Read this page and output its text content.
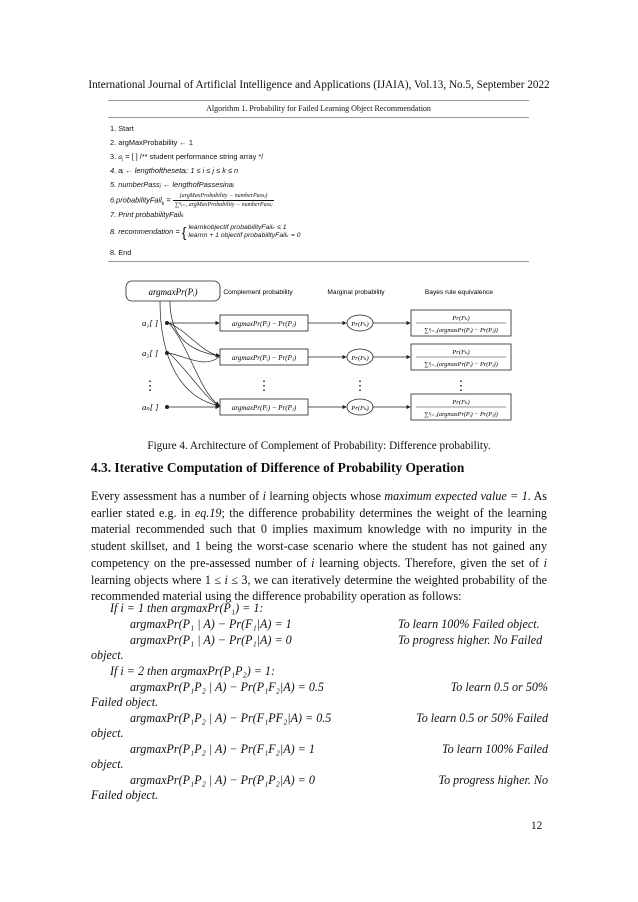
International Journal of Artificial Intelligence and Applications (IJAIA), Vol.13, No.5, September 2022
Algorithm 1. Probability for Failed Learning Object Recommendation
1. Start
2. argMaxProbability ← 1
3. $a_i$ = [ ] /** student performance string array */
4. aᵢ ← lengthofthesetaᵢ: 1 ≤ i ≤ j ≤ k ≤ n
5. numberPassⱼ ← lengthofPassesinaᵢ
6.probabilityFail$_k$ = $\frac{\text{(argMaxProbability − numberPassⱼ)}}{\text{∑ⁿⱼ₌₁ argMaxProbability − numberPassⱼ}}$
7. Print probabilityFailₖ
8. recommendation = { learnkobjectif probabilityFailₖ ≤ 1
learnn + 1 objectif probabilityFailₖ = 0
8. End
argmaxPr(Pᵢ)	Complement probability	Marginal probability	Bayes rule equivalence
a₁[ ]	argmaxPr(Pᵢ) − Pr(Pⱼ)	Pr(Fₖ)
Pr(Fₖ)
∑ⁿᵢ₌₁(argmaxPr(Pᵢ) − Pr(Pⱼ))
a₂[ ]	argmaxPr(Pᵢ) − Pr(Pⱼ)	Pr(Fₖ)
Pr(Fₖ)
∑ⁿᵢ₌₁(argmaxPr(Pᵢ) − Pr(Pⱼ))
⋮	⋮	⋮	⋮
aₙ[ ]	argmaxPr(Pᵢ) − Pr(Pⱼ)	Pr(Fₖ)
Pr(Fₖ)
∑ⁿᵢ₌₁(argmaxPr(Pᵢ) − Pr(Pⱼ))
Figure 4. Architecture of Complement of Probability: Difference probability.
4.3. Iterative Computation of Difference of Probability Operation
Every assessment has a number of i learning objects whose maximum expected value = 1. As earlier stated e.g. in eq.19; the difference probability determines the weight of the learning material recommended such that 0 implies maximum knowledge with no impurity in the student skillset, and 1 being the worst-case scenario where the student has not gained any competency on the pre-assessed number of i learning objects. Therefore, given the set of i learning objects where 1 ≤ i ≤ 3, we can iteratively determine the weighted probability of the recommended material using the difference probability operation as follows:
If i = 1 then argmaxPr(P₁) = 1:
argmaxPr(P₁ | A) − Pr(F₁|A) = 1	To learn 100% Failed object.
argmaxPr(P₁ | A) − Pr(P₁|A) = 0	To progress higher. No Failed
object.
If i = 2 then argmaxPr(P₁P₂) = 1:
argmaxPr(P₁P₂ | A) − Pr(P₁F₂|A) = 0.5	To learn 0.5 or 50%
Failed object.
argmaxPr(P₁P₂ | A) − Pr(F₁PF₂|A) = 0.5	To learn 0.5 or 50% Failed
object.
argmaxPr(P₁P₂ | A) − Pr(F₁F₂|A) = 1	To learn 100% Failed
object.
argmaxPr(P₁P₂ | A) − Pr(P₁P₂|A) = 0	To progress higher. No
Failed object.
12
